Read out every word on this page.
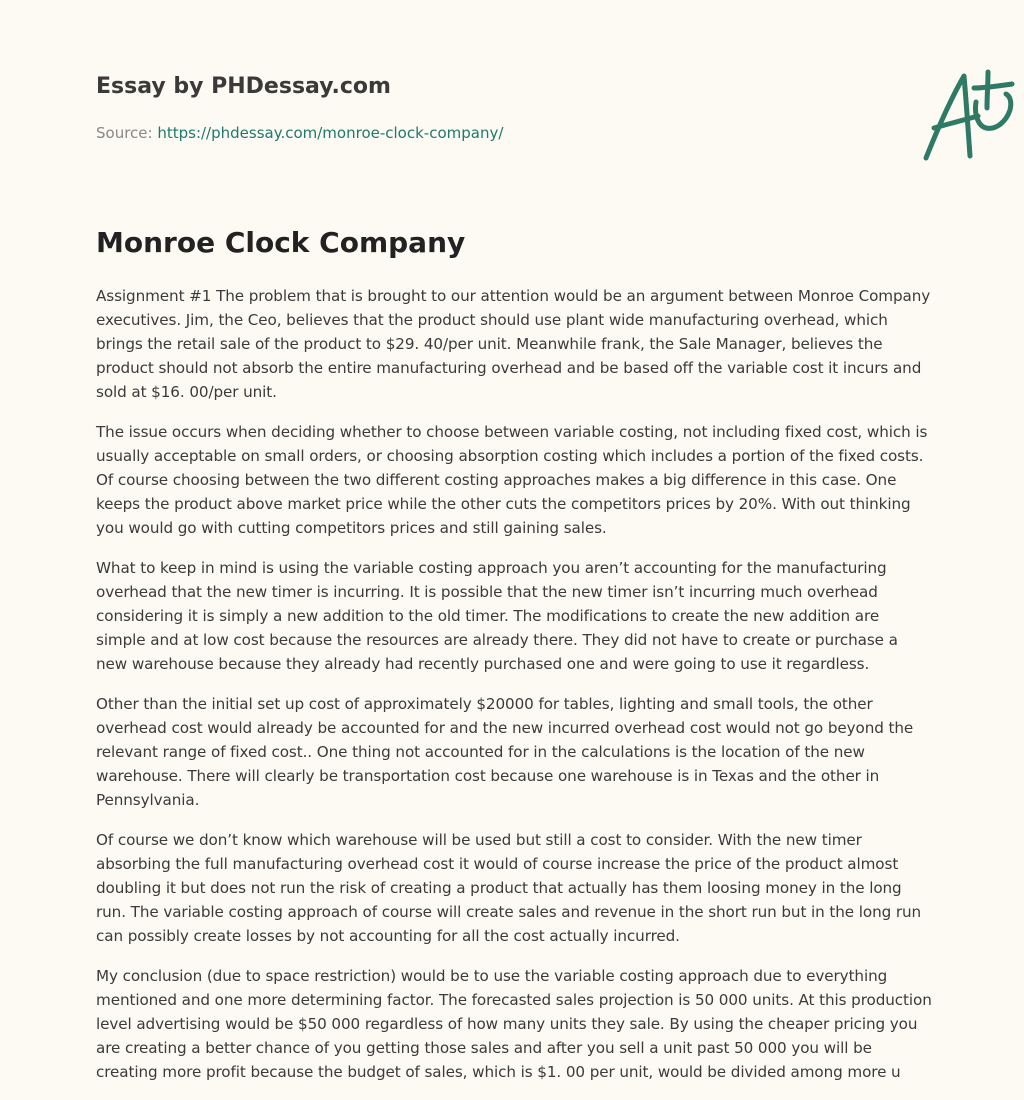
Essay by PHDessay.com
Source: https://phdessay.com/monroe-clock-company/
Monroe Clock Company

Assignment #1 The problem that is brought to our attention would be an argument between Monroe Company executives. Jim, the Ceo, believes that the product should use plant wide manufacturing overhead, which brings the retail sale of the product to $29. 40/per unit. Meanwhile frank, the Sale Manager, believes the product should not absorb the entire manufacturing overhead and be based off the variable cost it incurs and sold at $16. 00/per unit.

The issue occurs when deciding whether to choose between variable costing, not including fixed cost, which is usually acceptable on small orders, or choosing absorption costing which includes a portion of the fixed costs. Of course choosing between the two different costing approaches makes a big difference in this case. One keeps the product above market price while the other cuts the competitors prices by 20%. With out thinking you would go with cutting competitors prices and still gaining sales.

What to keep in mind is using the variable costing approach you aren’t accounting for the manufacturing overhead that the new timer is incurring. It is possible that the new timer isn’t incurring much overhead considering it is simply a new addition to the old timer. The modifications to create the new addition are simple and at low cost because the resources are already there. They did not have to create or purchase a new warehouse because they already had recently purchased one and were going to use it regardless.

Other than the initial set up cost of approximately $20000 for tables, lighting and small tools, the other overhead cost would already be accounted for and the new incurred overhead cost would not go beyond the relevant range of fixed cost.. One thing not accounted for in the calculations is the location of the new warehouse. There will clearly be transportation cost because one warehouse is in Texas and the other in Pennsylvania.

Of course we don’t know which warehouse will be used but still a cost to consider. With the new timer absorbing the full manufacturing overhead cost it would of course increase the price of the product almost doubling it but does not run the risk of creating a product that actually has them loosing money in the long run. The variable costing approach of course will create sales and revenue in the short run but in the long run can possibly create losses by not accounting for all the cost actually incurred.

My conclusion (due to space restriction) would be to use the variable costing approach due to everything mentioned and one more determining factor. The forecasted sales projection is 50 000 units. At this production level advertising would be $50 000 regardless of how many units they sale. By using the cheaper pricing you are creating a better chance of you getting those sales and after you sell a unit past 50 000 you will be creating more profit because the budget of sales, which is $1. 00 per unit, would be divided among more u
